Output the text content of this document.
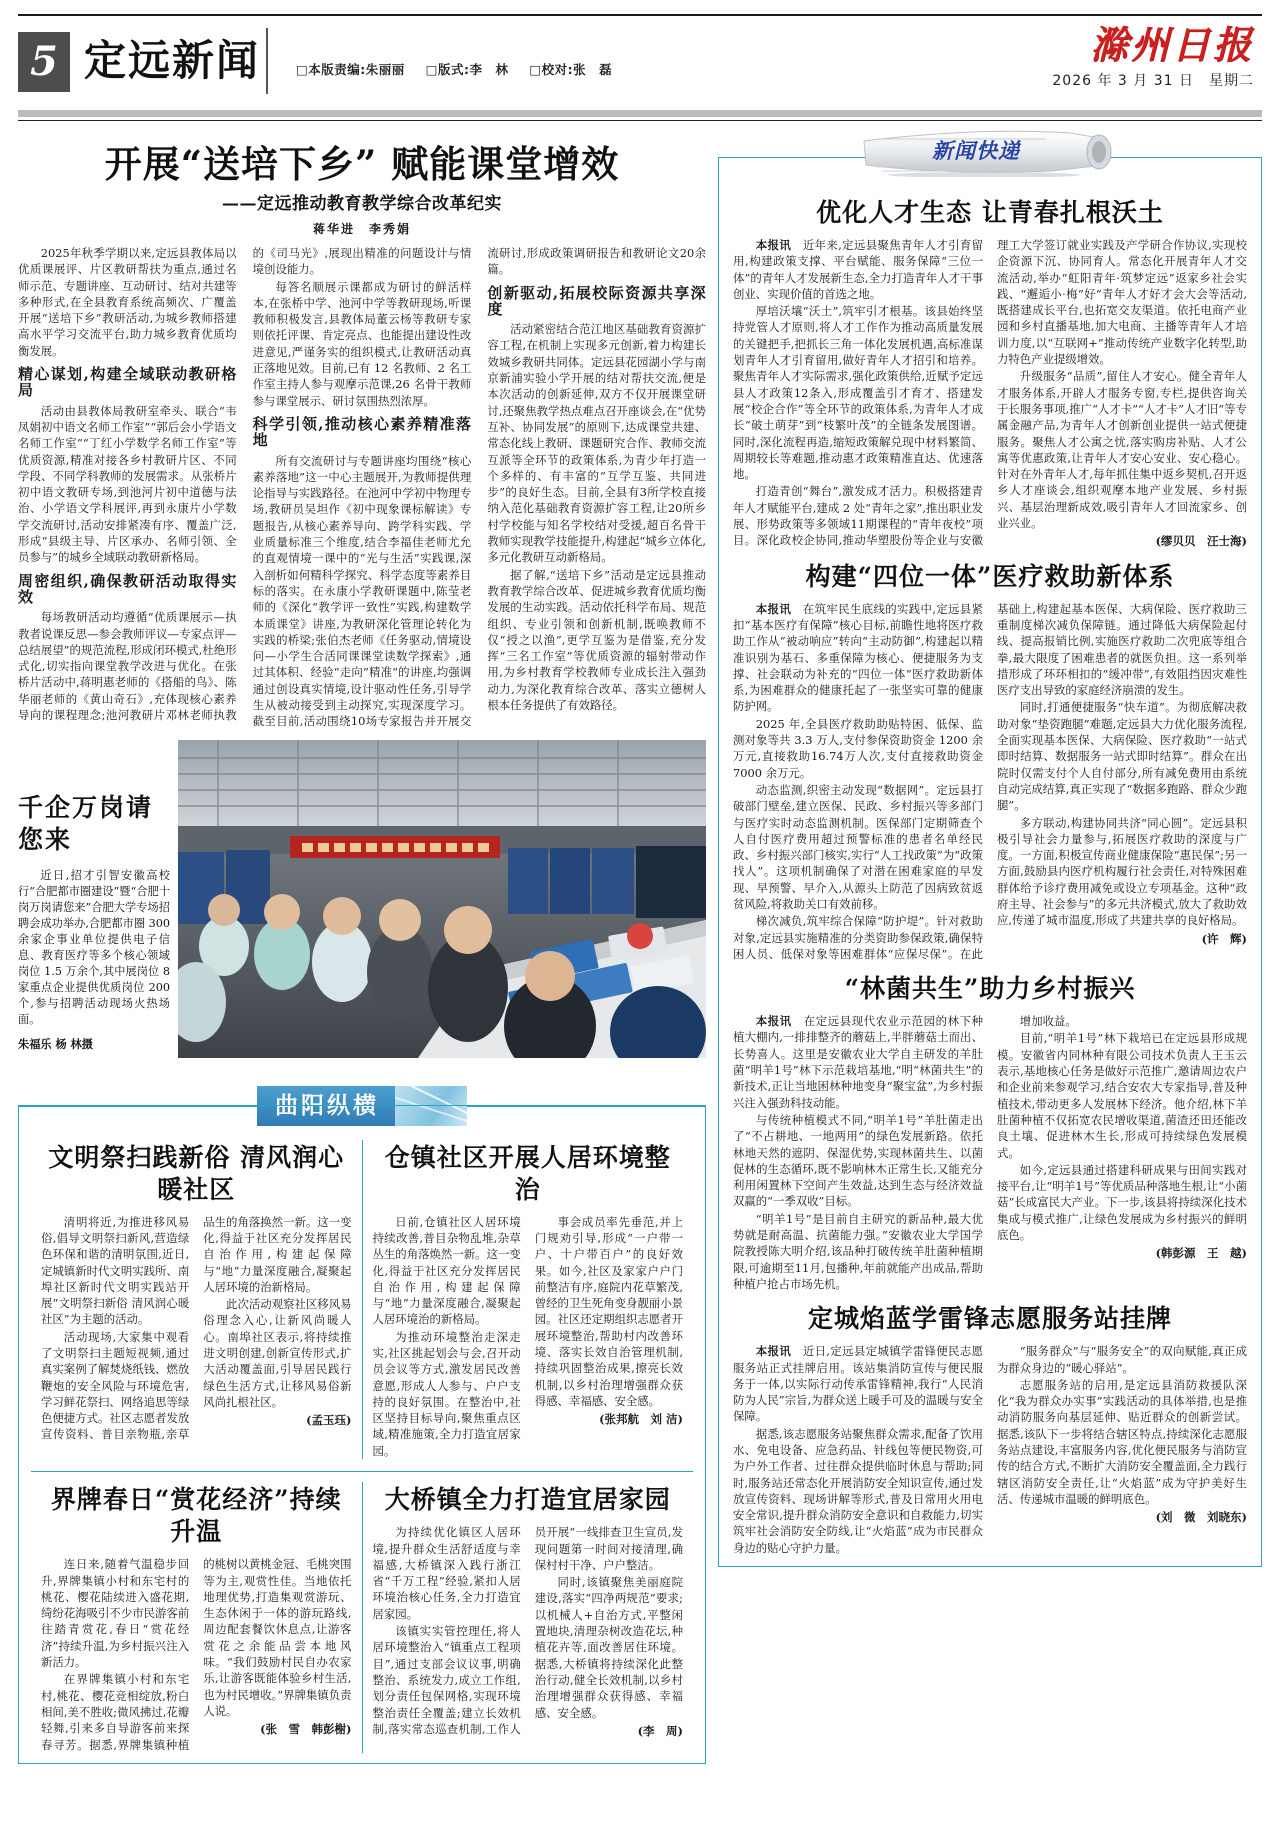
5 定远新闻	□本版责编:朱丽丽 □版式:李　林 □校对:张　磊
滁州日报
2026 年 3 月 31 日　星期二
开展“送培下乡” 赋能课堂增效
——定远推动教育教学综合改革纪实
蒋华进　李秀娟

2025年秋季学期以来,定远县教体局以优质课展评、片区教研帮扶为重点,通过名师示范、专题讲座、互动研讨、结对共建等多种形式,在全县教育系统高频次、广覆盖开展“送培下乡”教研活动,为城乡教师搭建高水平学习交流平台,助力城乡教育优质均衡发展。

精心谋划,构建全域联动教研格局

活动由县教体局教研室牵头、联合“韦凤娟初中语文名师工作室”“郭后会小学语文名师工作室”“丁红小学数学名师工作室”等优质资源,精准对接各乡村教研片区、不同学段、不同学科教师的发展需求。从张桥片初中语文教研专场,到池河片初中道德与法治、小学语文学科展评,再到永康片小学数学交流研讨,活动安排紧凑有序、覆盖广泛,形成“县级主导、片区承办、名师引领、全员参与”的城乡全域联动教研新格局。

周密组织,确保教研活动取得实效

每场教研活动均遵循“优质课展示—执教者说课反思—参会教师评议—专家点评—总结展望”的规范流程,形成闭环模式,杜绝形式化,切实指向课堂教学改进与优化。在张桥片活动中,蒋明惠老师的《搭船的鸟》、陈华丽老师的《黄山奇石》,充体现核心素养导向的课程理念;池河教研片邓林老师执教的《司马光》,展现出精准的问题设计与情境创设能力。

每答名顺展示课都成为研讨的鲜活样本,在张桥中学、池河中学等教研现场,听课教师积极发言,县教体局董云杨等教研专家则依托评课、肯定亮点、也能提出建设性改进意见,严谨务实的组织模式,让教研活动真正落地见效。目前,已有 12 名教师、2 名工作室主持人参与观摩示范课,26 名骨干教师参与课堂展示、研讨氛围热烈浓厚。

科学引领,推动核心素养精准落地

所有交流研讨与专题讲座均围绕“核心素养落地”这一中心主题展开,为教师提供理论指导与实践路径。在池河中学初中物理专场,教研员吴坦作《初中现象课标解读》专题报告,从核心素养导向、跨学科实践、学业质量标准三个维度,结合李福佳老师尤允的直观情境一课中的“光与生活”实践课,深入剖析如何精科学探究、科学态度等素养目标的落实。在永康小学教研课题中,陈莹老师的《深化“教学评一致性”实践,构建数学本质课堂》讲座,为教研深化管理论转化为实践的桥梁;张伯杰老师《任务驱动,情境设问—小学生合活同课课堂读数学探索》,通过其体积、经验“走向”精准“的讲座,均强调通过创设真实情境,设计驱动性任务,引导学生从被动接受到主动探究,实现深度学习。截至目前,活动围绕10场专家报告并开展交流研讨,形成政策调研报告和教研论文20余篇。

创新驱动,拓展校际资源共享深度

活动紧密结合范江地区基础教育资源扩容工程,在机制上实现多元创新,着力构建长效城乡教研共同体。定远县花园湖小学与南京新浦实验小学开展的结对帮扶交流,便是本次活动的创新延伸,双方不仅开展课堂研讨,还聚焦教学热点难点召开座谈会,在“优势互补、协同发展”的原则下,达成课堂共建、常态化线上教研、课题研究合作、教师交流互派等全环节的政策体系,为青少年打造一个多样的、有丰富的“互学互鉴、共同进步”的良好生态。目前,全县有3所学校直接纳入范化基础教育资源扩容工程,让20所乡村学校能与知名学校结对受援,超百名骨干教师实现教学技能提升,构建起“城乡立体化,多元化教研互动新格局。

据了解,“送培下乡”活动是定远县推动教育教学综合改革、促进城乡教育优质均衡发展的生动实践。活动依托科学布局、规范组织、专业引领和创新机制,既唤教师不仅“授之以渔”,更学互鉴为是借鉴,充分发挥“三名工作室”等优质资源的辐射带动作用,为乡村教育学校教师专业成长注入强劲动力,为深化教育综合改革、落实立德树人根本任务提供了有效路径。

千企万岗请您来

近日,招才引智安徽高校行“合肥都市圈建设”暨“合肥十岗万岗请您来”合肥大学专场招聘会成功举办,合肥都市圈 300 余家企事业单位提供电子信息、教育医疗等多个核心领域岗位 1.5 万余个,其中展岗位 8 家重点企业提供优质岗位 200 个,参与招聘活动现场火热场面。

朱福乐 杨 林摄
曲阳纵横
文明祭扫践新俗 清风润心暖社区

清明将近,为推进移风易俗,倡导文明祭扫新风,营造绿色环保和谐的清明氛围,近日,定城镇新时代文明实践所、南埠社区新时代文明实践站开展“文明祭扫新俗 清风润心暖社区”为主题的活动。

活动现场,大家集中观看了文明祭扫主题短视频,通过真实案例了解焚烧纸钱、燃放鞭炮的安全风险与环境危害,学习鲜花祭扫、网络追思等绿色便捷方式。社区志愿者发放宣传资料、普目亲物瓶,亲草品生的角落换然一新。这一变化,得益于社区充分发挥居民自治作用,构建起保障与“地”力量深度融合,凝聚起人居环境的治新格局。

此次活动观察社区移风易俗理念入心,让新风尚暖人心。南埠社区表示,将持续推进文明创建,创新宣传形式,扩大活动覆盖面,引导居民践行绿色生活方式,让移风易俗新风尚扎根社区。

(孟玉珏)
仓镇社区开展人居环境整治

日前,仓镇社区人居环境持续改善,普目杂物乱堆,杂草丛生的角落焕然一新。这一变化,得益于社区充分发挥居民自治作用,构建起保障与“地”力量深度融合,凝聚起人居环境治的新格局。

为推动环境整治走深走实,社区挑起划会与会,召开动员会议等方式,激发居民改善意愿,形成人人参与、户户支持的良好氛围。在整治中,社区坚持目标导向,聚焦重点区域,精准施策,全力打造宜居家园。

事会成员率先垂范,并上门规劝引导,形成“一户带一户、十户带百户”的良好效果。如今,社区及家家户户门前整洁有序,庭院内花草繁茂,曾经的卫生死角变身靓丽小景园。社区还定期组织志愿者开展环境整治,帮助村内改善环境、落实长效自治管理机制,持续巩固整治成果,擦亮长效机制,以乡村治理增强群众获得感、幸福感、安全感。

(张邦航　刘 洁)
界牌春日“赏花经济”持续升温

连日来,随着气温稳步回升,界牌集镇小村和东宅村的桃花、樱花陆续进入盛花期,绮纷花海吸引不少市民游客前往踏青赏花,春日“赏花经济”持续升温,为乡村振兴注入新活力。

在界牌集镇小村和东宅村,桃花、樱花竞相绽放,粉白相间,美不胜收;微风拂过,花瓣轻舞,引来多自导游客前来探春寻芳。据悉,界牌集镇种植的桃树以黄桃金冠、毛桃突围等为主,观赏性佳。当地依托地理优势,打造集观赏游玩、生态休闲于一体的游玩路线,周边配套餐饮休息点,让游客赏花之余能品尝本地风味。“我们鼓励村民自办农家乐,让游客既能体验乡村生活,也为村民增收。”界牌集镇负责人说。

(张　雪　韩彭榭)
大桥镇全力打造宜居家园

为持续优化镇区人居环境,提升群众生活舒适度与幸福感,大桥镇深入践行浙江省“千万工程”经验,紧扣人居环境治核心任务,全力打造宜居家园。

该镇实实管控理任,将人居环境整治入“镇重点工程项目”,通过支部会议议事,明确整治、系统发力,成立工作组,划分责任包保网格,实现环境整治责任全覆盖;建立长效机制,落实常态巡查机制,工作人员开展“一线排查卫生宣员,发现问题第一时间对接清理,确保村村干净、户户整洁。

同时,该镇聚焦美丽庭院建设,落实“四净两规范”要求;以机械人+自治方式,平整闲置地块,清理杂树改造花坛,种植花卉等,面改善居住环境。据悉,大桥镇将持续深化此整治行动,健全长效机制,以乡村治理增强群众获得感、幸福感、安全感。

(李　周)
新闻快递
优化人才生态 让青春扎根沃土

本报讯　 近年来,定远县聚焦青年人才引育留用,构建政策支撑、平台赋能、服务保障“三位一体”的青年人才发展新生态,全力打造青年人才干事创业、实现价值的首选之地。

厚培沃壤“沃土”,筑牢引才根基。该县始终坚持党管人才原则,将人才工作作为推动高质量发展的关键把手,把抓长三角一体化发展机遇,高标准谋划青年人才引育留用,做好青年人才招引和培养。聚焦青年人才实际需求,强化政策供给,近赋予定远县人才政策12条入,形成覆盖引才育才、搭建发展“校企合作”等全环节的政策体系,为青年人才成长“破土萌芽”到“枝繁叶茂”的全链条发展图谱。同时,深化流程再造,缩短政策解兑现中材料繁简、周期较长等难题,推动惠才政策精准直达、优速落地。

打造青创“舞台”,激发成才活力。积极搭建青年人才赋能平台,建成 2 处“青年之家”,推出职业发展、形势政策等多领域11期课程的“青年夜校”项目。深化政校企协同,推动华塑股份等企业与安徽理工大学签订就业实践及产学研合作协议,实现校企资源下沉、协同育人。常态化开展青年人才交流活动,举办“虹阳青年·筑梦定远”返家乡社会实践、“邂逅小·梅”好“青年人才好才会大会等活动,既搭建成长平台,也拓宽交友渠道。依托电商产业园和乡村直播基地,加大电商、主播等青年人才培训力度,以“互联网+”推动传统产业数字化转型,助力特色产业提级增效。

升级服务“品质”,留住人才安心。健全青年人才服务体系,开辟人才服务专窗,专栏,提供咨询关于长服务事项,推广“人才卡”“人才卡”人才旧“等专属金融产品,为青年人才创新创业提供一站式便捷服务。聚焦人才公寓之忧,落实购房补贴、人才公寓等优惠政策,让青年人才安心安业、安心稳心。针对在外青年人才,每年抓住集中返乡契机,召开返乡人才座谈会,组织观摩本地产业发展、乡村振兴、基层治理新成效,吸引青年人才回流家乡、创业兴业。

(缪贝贝　汪士海)
构建“四位一体”医疗救助新体系

本报讯　 在筑牢民生底线的实践中,定远县紧扣“基本医疗有保障”核心目标,前瞻性地将医疗救助工作从“被动响应”转向“主动防御”,构建起以精准识别为基石、多重保障为核心、便捷服务为支撑、社会联动为补充的“四位一体”医疗救助新体系,为困难群众的健康托起了一张坚实可靠的健康防护网。

2025 年,全县医疗救助助贴特困、低保、监测对象等共 3.3 万人,支付参保资助资金 1200 余万元,直接救助16.74万人次,支付直接救助资金 7000 余万元。

动态监测,织密主动发现“数据网”。定远县打破部门壁垒,建立医保、民政、乡村振兴等多部门与医疗实时动态监测机制。医保部门定期筛查个人自付医疗费用超过预警标准的患者名单经民政、乡村振兴部门核实,实行“人工找政策”为“政策找人”。这项机制确保了对潜在困难家庭的早发现、早预警、早介入,从源头上防范了因病致贫返贫风险,将救助关口有效前移。

梯次减负,筑牢综合保障“防护堤”。针对救助对象,定远县实施精准的分类资助参保政策,确保特困人员、低保对象等困难群体“应保尽保”。在此基础上,构建起基本医保、大病保险、医疗救助三重制度梯次减负保障链。通过降低大病保险起付线、提高报销比例,实施医疗救助二次兜底等组合拳,最大限度了困难患者的就医负担。这一系列举措形成了环环相扣的“缓冲带”,有效阻挡因灾难性医疗支出导致的家庭经济崩溃的发生。

同时,打通便捷服务“快车道”。为彻底解决救助对象“垫资跑腿”难题,定远县大力优化服务流程,全面实现基本医保、大病保险、医疗救助“一站式即时结算、数据服务一站式即时结算”。群众在出院时仅需支付个人自付部分,所有减免费用由系统自动完成结算,真正实现了“数据多跑路、群众少跑腿”。

多方联动,构建协同共济“同心圆”。定远县积极引导社会力量参与,拓展医疗救助的深度与广度。一方面,积极宣传商业健康保险“惠民保”;另一方面,鼓励县内医疗机构履行社会责任,对特殊困难群体给予诊疗费用减免或设立专项基金。这种“政府主导、社会参与”的多元共济模式,放大了救助效应,传递了城市温度,形成了共建共享的良好格局。

(许　辉)
“林菌共生”助力乡村振兴

本报讯　 在定远县现代农业示范园的林下种植大棚内,一排排整齐的蘑菇上,半胖蘑菇土而出、长势喜人。这里是安徽农业大学自主研发的羊肚菌“明羊1号”林下示范栽培基地,“明“林菌共生”的新技术,正让当地困林种地变身“聚宝盆”,为乡村振兴注入强劲科技动能。

与传统种植模式不同,“明羊1号”羊肚菌走出了“不占耕地、一地两用”的绿色发展新路。依托林地天然的遮阴、保湿优势,实现林菌共生、以菌促林的生态循环,既不影响林木正常生长,又能充分利用闲置林下空间产生效益,达到生态与经济效益双赢的“一季双收”目标。

“明羊1号”是目前自主研究的新品种,最大优势就是耐高温、抗菌能力强。”安徽农业大学国学院教授陈大明介绍,该品种打破传统羊肚菌种植期限,可逾期至11月,包播种,年前就能产出成品,帮助种植户抢占市场先机。

增加收益。

目前,“明羊1号”林下栽培已在定远县形成规模。安徽省内同林种有限公司技术负责人王玉云表示,基地核心任务是做好示范推广,邀请周边农户和企业前来参观学习,结合安农大专家指导,普及种植技术,带动更多人发展林下经济。他介绍,林下羊肚菌种植不仅拓宽农民增收渠道,菌渣还田还能改良土壤、促进林木生长,形成可持续绿色发展模式。

如今,定远县通过搭建科研成果与田间实践对接平台,让“明羊1号”等优质品种落地生根,让“小菌菇”长成富民大产业。下一步,该县将持续深化技术集成与模式推广,让绿色发展成为乡村振兴的鲜明底色。

(韩彭源　王　越)
定城焰蓝学雷锋志愿服务站挂牌

本报讯　 近日,定远县定城镇学雷锋便民志愿服务站正式挂牌启用。该站集消防宣传与便民服务于一体,以实际行动传承雷锋精神,我行“人民消防为人民”宗旨,为群众送上暖手可及的温暖与安全保障。

据悉,该志愿服务站聚焦群众需求,配备了饮用水、免电设备、应急药品、针线包等便民物资,可为户外工作者、过往群众提供临时休息与帮助;同时,服务站还常态化开展消防安全知识宣传,通过发放宣传资料、现场讲解等形式,普及日常用火用电安全常识,提升群众消防安全意识和自救能力,切实筑牢社会消防安全防线,让“火焰蓝”成为市民群众身边的贴心守护力量。

“服务群众”与“服务安全”的双向赋能,真正成为群众身边的“暖心驿站”。

志愿服务站的启用,是定远县消防救援队深化“我为群众办实事”实践活动的具体举措,也是推动消防服务向基层延伸、贴近群众的创新尝试。据悉,该队下一步将结合辖区特点,持续深化志愿服务站点建设,丰富服务内容,优化便民服务与消防宣传的结合方式,不断扩大消防安全覆盖面,全力践行辖区消防安全责任,让“火焰蓝”成为守护美好生活、传递城市温暖的鲜明底色。

(刘　微　刘晓东)
